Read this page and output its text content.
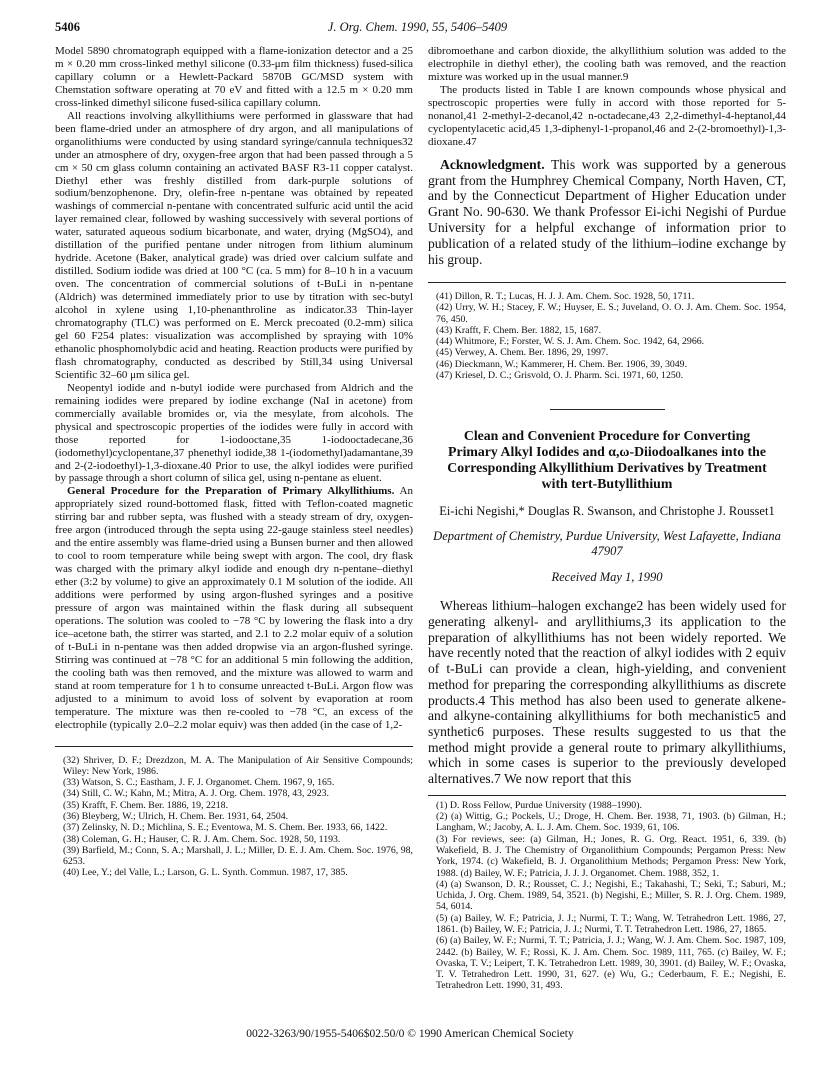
5406	J. Org. Chem. 1990, 55, 5406–5409

Model 5890 chromatograph equipped with a flame-ionization detector and a 25 m × 0.20 mm cross-linked methyl silicone (0.33-μm film thickness) fused-silica capillary column or a Hewlett-Packard 5870B GC/MSD system with Chemstation software operating at 70 eV and fitted with a 12.5 m × 0.20 mm cross-linked dimethyl silicone fused-silica capillary column.

All reactions involving alkyllithiums were performed in glassware that had been flame-dried under an atmosphere of dry argon, and all manipulations of organolithiums were conducted by using standard syringe/cannula techniques32 under an atmosphere of dry, oxygen-free argon that had been passed through a 5 cm × 50 cm glass column containing an activated BASF R3-11 copper catalyst. Diethyl ether was freshly distilled from dark-purple solutions of sodium/benzophenone. Dry, olefin-free n-pentane was obtained by repeated washings of commercial n-pentane with concentrated sulfuric acid until the acid layer remained clear, followed by washing successively with several portions of water, saturated aqueous sodium bicarbonate, and water, drying (MgSO4), and distillation of the purified pentane under nitrogen from lithium aluminum hydride. Acetone (Baker, analytical grade) was dried over calcium sulfate and distilled. Sodium iodide was dried at 100 °C (ca. 5 mm) for 8–10 h in a vacuum oven. The concentration of commercial solutions of t-BuLi in n-pentane (Aldrich) was determined immediately prior to use by titration with sec-butyl alcohol in xylene using 1,10-phenanthroline as indicator.33 Thin-layer chromatography (TLC) was performed on E. Merck precoated (0.2-mm) silica gel 60 F254 plates: visualization was accomplished by spraying with 10% ethanolic phosphomolybdic acid and heating. Reaction products were purified by flash chromatography, conducted as described by Still,34 using Universal Scientific 32–60 μm silica gel.

Neopentyl iodide and n-butyl iodide were purchased from Aldrich and the remaining iodides were prepared by iodine exchange (NaI in acetone) from commercially available bromides or, via the mesylate, from alcohols. The physical and spectroscopic properties of the iodides were fully in accord with those reported for 1-iodooctane,35 1-iodooctadecane,36 (iodomethyl)cyclopentane,37 phenethyl iodide,38 1-(iodomethyl)adamantane,39 and 2-(2-iodoethyl)-1,3-dioxane.40 Prior to use, the alkyl iodides were purified by passage through a short column of silica gel, using n-pentane as eluent.

General Procedure for the Preparation of Primary Alkyllithiums. An appropriately sized round-bottomed flask, fitted with Teflon-coated magnetic stirring bar and rubber septa, was flushed with a steady stream of dry, oxygen-free argon (introduced through the septa using 22-gauge stainless steel needles) and the entire assembly was flame-dried using a Bunsen burner and then allowed to cool to room temperature while being swept with argon. The cool, dry flask was charged with the primary alkyl iodide and enough dry n-pentane–diethyl ether (3:2 by volume) to give an approximately 0.1 M solution of the iodide. All additions were performed by using argon-flushed syringes and a positive pressure of argon was maintained within the flask during all subsequent operations. The solution was cooled to −78 °C by lowering the flask into a dry ice–acetone bath, the stirrer was started, and 2.1 to 2.2 molar equiv of a solution of t-BuLi in n-pentane was then added dropwise via an argon-flushed syringe. Stirring was continued at −78 °C for an additional 5 min following the addition, the cooling bath was then removed, and the mixture was allowed to warm and stand at room temperature for 1 h to consume unreacted t-BuLi. Argon flow was adjusted to a minimum to avoid loss of solvent by evaporation at room temperature. The mixture was then re-cooled to −78 °C, an excess of the electrophile (typically 2.0–2.2 molar equiv) was then added (in the case of 1,2-

(32) Shriver, D. F.; Drezdzon, M. A. The Manipulation of Air Sensitive Compounds; Wiley: New York, 1986.

(33) Watson, S. C.; Eastham, J. F. J. Organomet. Chem. 1967, 9, 165.

(34) Still, C. W.; Kahn, M.; Mitra, A. J. Org. Chem. 1978, 43, 2923.

(35) Krafft, F. Chem. Ber. 1886, 19, 2218.

(36) Bleyberg, W.; Ulrich, H. Chem. Ber. 1931, 64, 2504.

(37) Zelinsky, N. D.; Michlina, S. E.; Eventowa, M. S. Chem. Ber. 1933, 66, 1422.

(38) Coleman, G. H.; Hauser, C. R. J. Am. Chem. Soc. 1928, 50, 1193.

(39) Barfield, M.; Conn, S. A.; Marshall, J. L.; Miller, D. E. J. Am. Chem. Soc. 1976, 98, 6253.

(40) Lee, Y.; del Valle, L.; Larson, G. L. Synth. Commun. 1987, 17, 385.

dibromoethane and carbon dioxide, the alkyllithium solution was added to the electrophile in diethyl ether), the cooling bath was removed, and the reaction mixture was worked up in the usual manner.9

The products listed in Table I are known compounds whose physical and spectroscopic properties were fully in accord with those reported for 5-nonanol,41 2-methyl-2-decanol,42 n-octadecane,43 2,2-dimethyl-4-heptanol,44 cyclopentylacetic acid,45 1,3-diphenyl-1-propanol,46 and 2-(2-bromoethyl)-1,3-dioxane.47

Acknowledgment. This work was supported by a generous grant from the Humphrey Chemical Company, North Haven, CT, and by the Connecticut Department of Higher Education under Grant No. 90-630. We thank Professor Ei-ichi Negishi of Purdue University for a helpful exchange of information prior to publication of a related study of the lithium–iodine exchange by his group.

(41) Dillon, R. T.; Lucas, H. J. J. Am. Chem. Soc. 1928, 50, 1711.

(42) Urry, W. H.; Stacey, F. W.; Huyser, E. S.; Juveland, O. O. J. Am. Chem. Soc. 1954, 76, 450.

(43) Krafft, F. Chem. Ber. 1882, 15, 1687.

(44) Whitmore, F.; Forster, W. S. J. Am. Chem. Soc. 1942, 64, 2966.

(45) Verwey, A. Chem. Ber. 1896, 29, 1997.

(46) Dieckmann, W.; Kammerer, H. Chem. Ber. 1906, 39, 3049.

(47) Kriesel, D. C.; Grisvold, O. J. Pharm. Sci. 1971, 60, 1250.

Clean and Convenient Procedure for Converting Primary Alkyl Iodides and α,ω-Diiodoalkanes into the Corresponding Alkyllithium Derivatives by Treatment with tert-Butyllithium
Ei-ichi Negishi,* Douglas R. Swanson, and Christophe J. Rousset1
Department of Chemistry, Purdue University, West Lafayette, Indiana 47907
Received May 1, 1990

Whereas lithium–halogen exchange2 has been widely used for generating alkenyl- and aryllithiums,3 its application to the preparation of alkyllithiums has not been widely reported. We have recently noted that the reaction of alkyl iodides with 2 equiv of t-BuLi can provide a clean, high-yielding, and convenient method for preparing the corresponding alkyllithiums as discrete products.4 This method has also been used to generate alkene- and alkyne-containing alkyllithiums for both mechanistic5 and synthetic6 purposes. These results suggested to us that the method might provide a general route to primary alkyllithiums, which in some cases is superior to the previously developed alternatives.7 We now report that this

(1) D. Ross Fellow, Purdue University (1988–1990).

(2) (a) Wittig, G.; Pockels, U.; Droge, H. Chem. Ber. 1938, 71, 1903. (b) Gilman, H.; Langham, W.; Jacoby, A. L. J. Am. Chem. Soc. 1939, 61, 106.

(3) For reviews, see: (a) Gilman, H.; Jones, R. G. Org. React. 1951, 6, 339. (b) Wakefield, B. J. The Chemistry of Organolithium Compounds; Pergamon Press: New York, 1974. (c) Wakefield, B. J. Organolithium Methods; Pergamon Press: New York, 1988. (d) Bailey, W. F.; Patricia, J. J. J. Organomet. Chem. 1988, 352, 1.

(4) (a) Swanson, D. R.; Rousset, C. J.; Negishi, E.; Takahashi, T.; Seki, T.; Saburi, M.; Uchida, J. Org. Chem. 1989, 54, 3521. (b) Negishi, E.; Miller, S. R. J. Org. Chem. 1989, 54, 6014.

(5) (a) Bailey, W. F.; Patricia, J. J.; Nurmi, T. T.; Wang, W. Tetrahedron Lett. 1986, 27, 1861. (b) Bailey, W. F.; Patricia, J. J.; Nurmi, T. T. Tetrahedron Lett. 1986, 27, 1865.

(6) (a) Bailey, W. F.; Nurmi, T. T.; Patricia, J. J.; Wang, W. J. Am. Chem. Soc. 1987, 109, 2442. (b) Bailey, W. F.; Rossi, K. J. Am. Chem. Soc. 1989, 111, 765. (c) Bailey, W. F.; Ovaska, T. V.; Leipert, T. K. Tetrahedron Lett. 1989, 30, 3901. (d) Bailey, W. F.; Ovaska, T. V. Tetrahedron Lett. 1990, 31, 627. (e) Wu, G.; Cederbaum, F. E.; Negishi, E. Tetrahedron Lett. 1990, 31, 493.

0022-3263/90/1955-5406$02.50/0 © 1990 American Chemical Society
